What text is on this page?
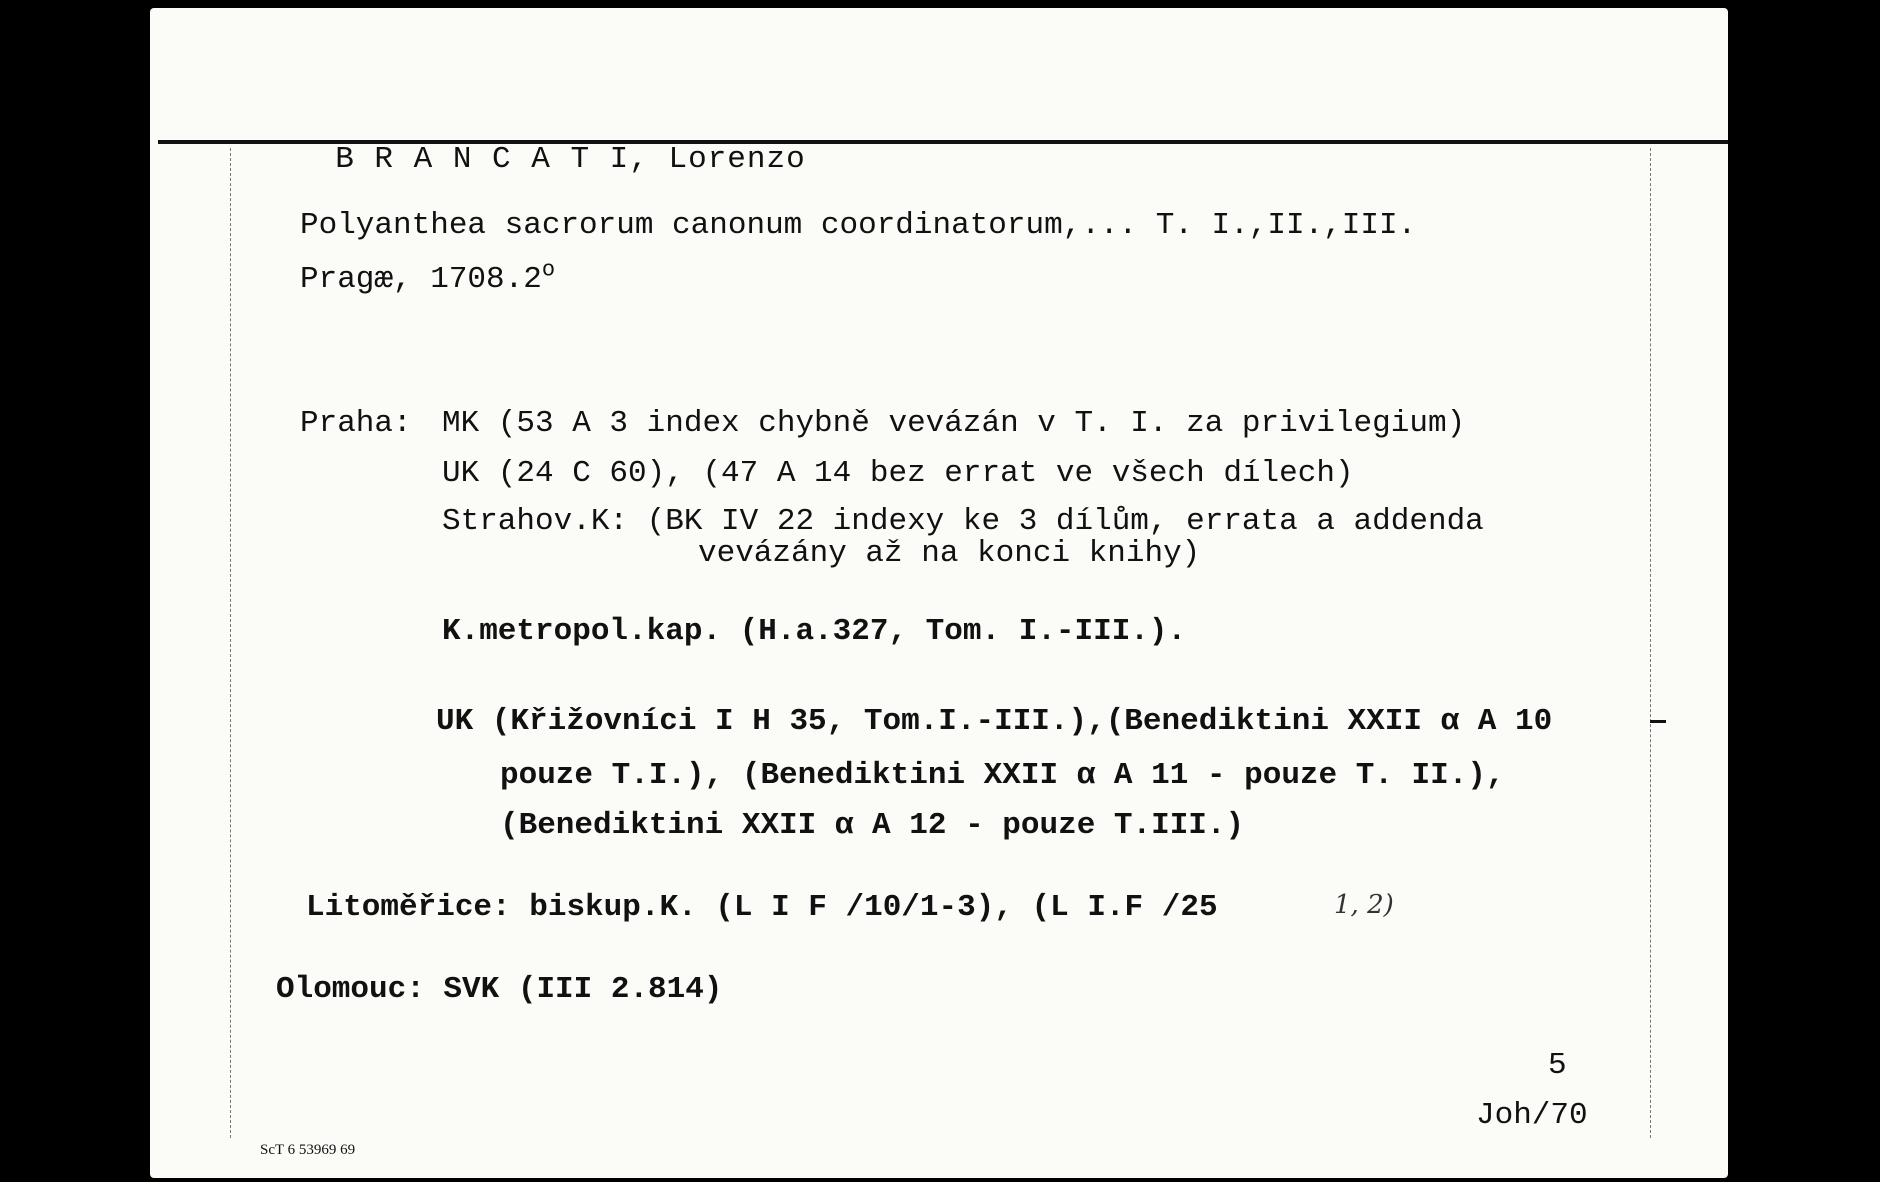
B R A N C A T I, Lorenzo

Polyanthea sacrorum canonum coordinatorum,... T. I.,II.,III.
Pragæ, 1708.2$^o$
Praha: MK (53 A 3 index chybně vevázán v T. I. za privilegium)
UK (24 C 60), (47 A 14 bez errat ve všech dílech)
Strahov.K: (BK IV 22 indexy ke 3 dílům, errata a addenda
vevázány až na konci knihy)
K.metropol.kap. (H.a.327, Tom. I.-III.).
UK (Křižovníci I H 35, Tom.I.-III.),(Benediktini XXII α A 10
pouze T.I.), (Benediktini XXII α A 11 - pouze T. II.),
(Benediktini XXII α A 12 - pouze T.III.)
Litoměřice: biskup.K. (L I F /10/1-3), (L I.F /25	1, 2)
Olomouc: SVK (III 2.814)
5
Joh/70
ScT 6 53969 69
